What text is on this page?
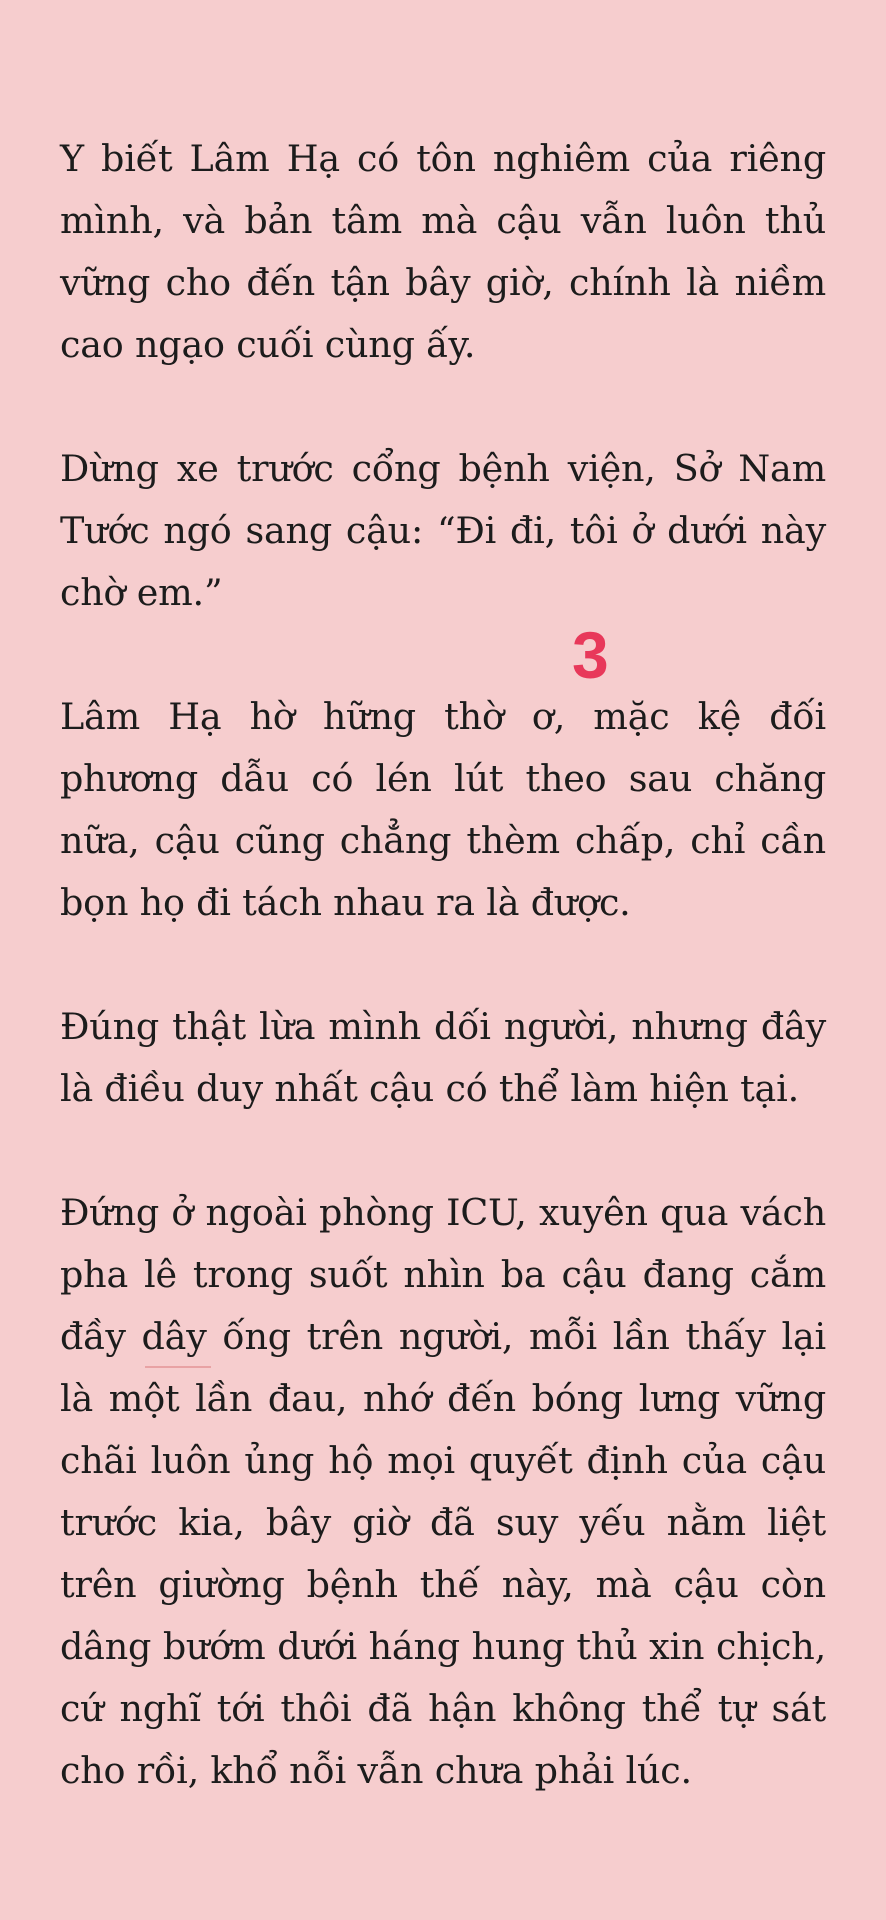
Y biết Lâm Hạ có tôn nghiêm của riêng mình, và bản tâm mà cậu vẫn luôn thủ vững cho đến tận bây giờ, chính là niềm cao ngạo cuối cùng ấy.

Dừng xe trước cổng bệnh viện, Sở Nam Tước ngó sang cậu: “Đi đi, tôi ở dưới này chờ em.”

Lâm Hạ hờ hững thờ ơ, mặc kệ đối phương dẫu có lén lút theo sau chăng nữa, cậu cũng chẳng thèm chấp, chỉ cần bọn họ đi tách nhau ra là được.

Đúng thật lừa mình dối người, nhưng đây là điều duy nhất cậu có thể làm hiện tại.

Đứng ở ngoài phòng ICU, xuyên qua vách pha lê trong suốt nhìn ba cậu đang cắm đầy dây ống trên người, mỗi lần thấy lại là một lần đau, nhớ đến bóng lưng vững chãi luôn ủng hộ mọi quyết định của cậu trước kia, bây giờ đã suy yếu nằm liệt trên giường bệnh thế này, mà cậu còn dâng bướm dưới háng hung thủ xin chịch, cứ nghĩ tới thôi đã hận không thể tự sát cho rồi, khổ nỗi vẫn chưa phải lúc.

3
